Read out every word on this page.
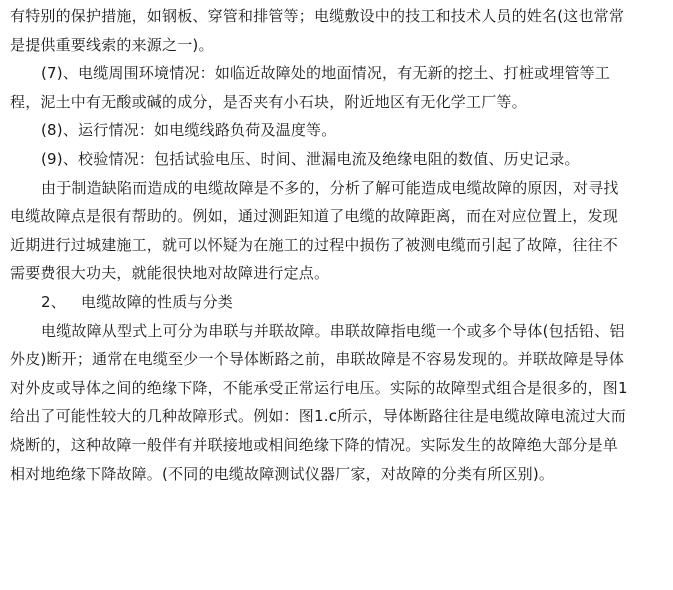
有特别的保护措施，如钢板、穿管和排管等；电缆敷设中的技工和技术人员的姓名(这也常常
是提供重要线索的来源之一)。
(7)、电缆周围环境情况：如临近故障处的地面情况，有无新的挖土、打桩或埋管等工
程，泥土中有无酸或碱的成分，是否夹有小石块，附近地区有无化学工厂等。
(8)、运行情况：如电缆线路负荷及温度等。
(9)、校验情况：包括试验电压、时间、泄漏电流及绝缘电阻的数值、历史记录。
由于制造缺陷而造成的电缆故障是不多的，分析了解可能造成电缆故障的原因，对寻找
电缆故障点是很有帮助的。例如，通过测距知道了电缆的故障距离，而在对应位置上，发现
近期进行过城建施工，就可以怀疑为在施工的过程中损伤了被测电缆而引起了故障，往往不
需要费很大功夫，就能很快地对故障进行定点。
2、 电缆故障的性质与分类
电缆故障从型式上可分为串联与并联故障。串联故障指电缆一个或多个导体(包括铅、铝
外皮)断开；通常在电缆至少一个导体断路之前，串联故障是不容易发现的。并联故障是导体
对外皮或导体之间的绝缘下降，不能承受正常运行电压。实际的故障型式组合是很多的，图1
给出了可能性较大的几种故障形式。例如：图1.c所示，导体断路往往是电缆故障电流过大而
烧断的，这种故障一般伴有并联接地或相间绝缘下降的情况。实际发生的故障绝大部分是单
相对地绝缘下降故障。(不同的电缆故障测试仪器厂家，对故障的分类有所区别)。
